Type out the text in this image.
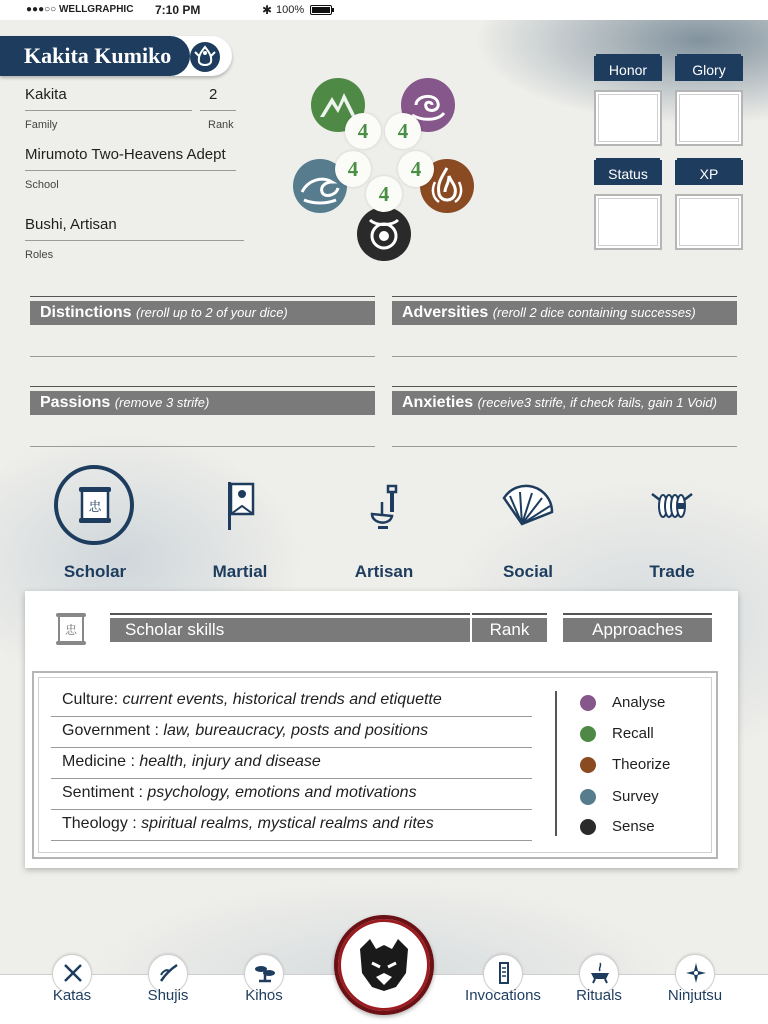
●●●○○ WELLGRAPHIC 7:10 PM	✱ 100%
Kakita Kumiko
Kakita
Family
2
Rank
Mirumoto Two-Heavens Adept
School
Bushi, Artisan
Roles
4	4
4	4
4
Honor	Glory
Status	XP
Distinctions (reroll up to 2 of your dice)	Adversities (reroll 2 dice containing successes)
Passions (remove 3 strife)	Anxieties (receive3 strife, if check fails, gain 1 Void)
忠
Scholar	Martial	Artisan	Social	Trade
忠	Scholar skills	Rank	Approaches
Culture: current events, historical trends and etiquette
Government : law, bureaucracy, posts and positions
Medicine : health, injury and disease
Sentiment : psychology, emotions and motivations
Theology : spiritual realms, mystical realms and rites
Analyse
Recall
Theorize
Survey
Sense
Katas	Shujis	Kihos	Invocations	Rituals	Ninjutsu
